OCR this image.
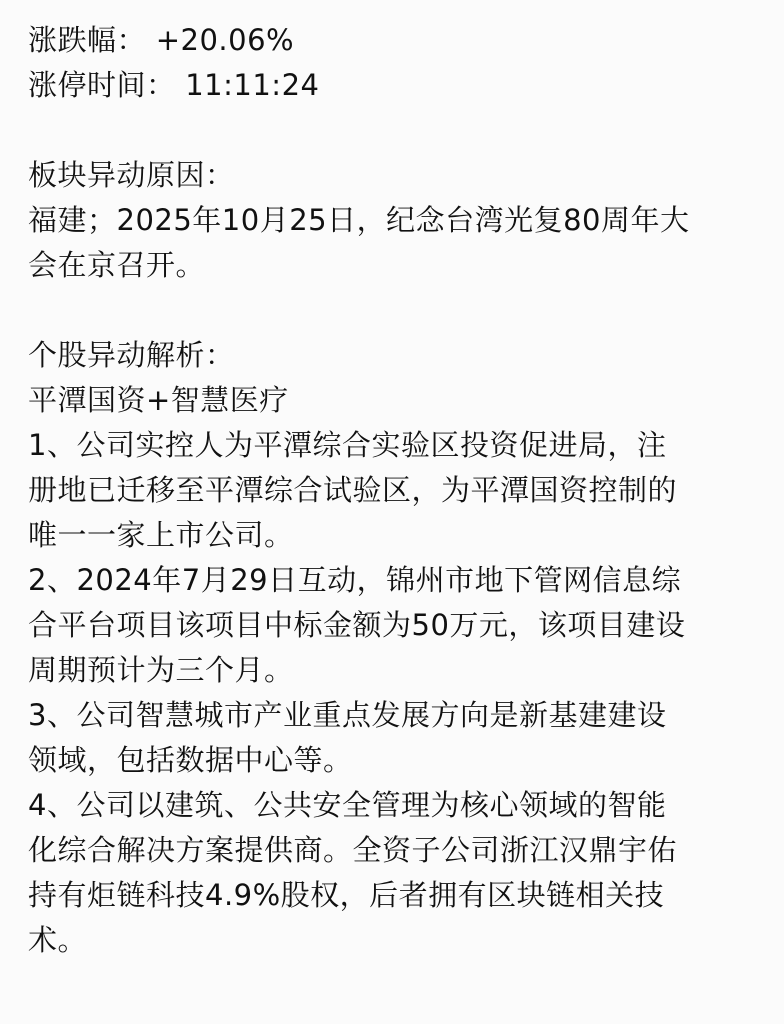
涨跌幅： +20.06%
涨停时间： 11:11:24
板块异动原因：
福建；2025年10月25日，纪念台湾光复80周年大
会在京召开。
个股异动解析：
平潭国资+智慧医疗
1、公司实控人为平潭综合实验区投资促进局，注
册地已迁移至平潭综合试验区，为平潭国资控制的
唯一一家上市公司。
2、2024年7月29日互动，锦州市地下管网信息综
合平台项目该项目中标金额为50万元，该项目建设
周期预计为三个月。
3、公司智慧城市产业重点发展方向是新基建建设
领域，包括数据中心等。
4、公司以建筑、公共安全管理为核心领域的智能
化综合解决方案提供商。全资子公司浙江汉鼎宇佑
持有炬链科技4.9%股权，后者拥有区块链相关技
术。
